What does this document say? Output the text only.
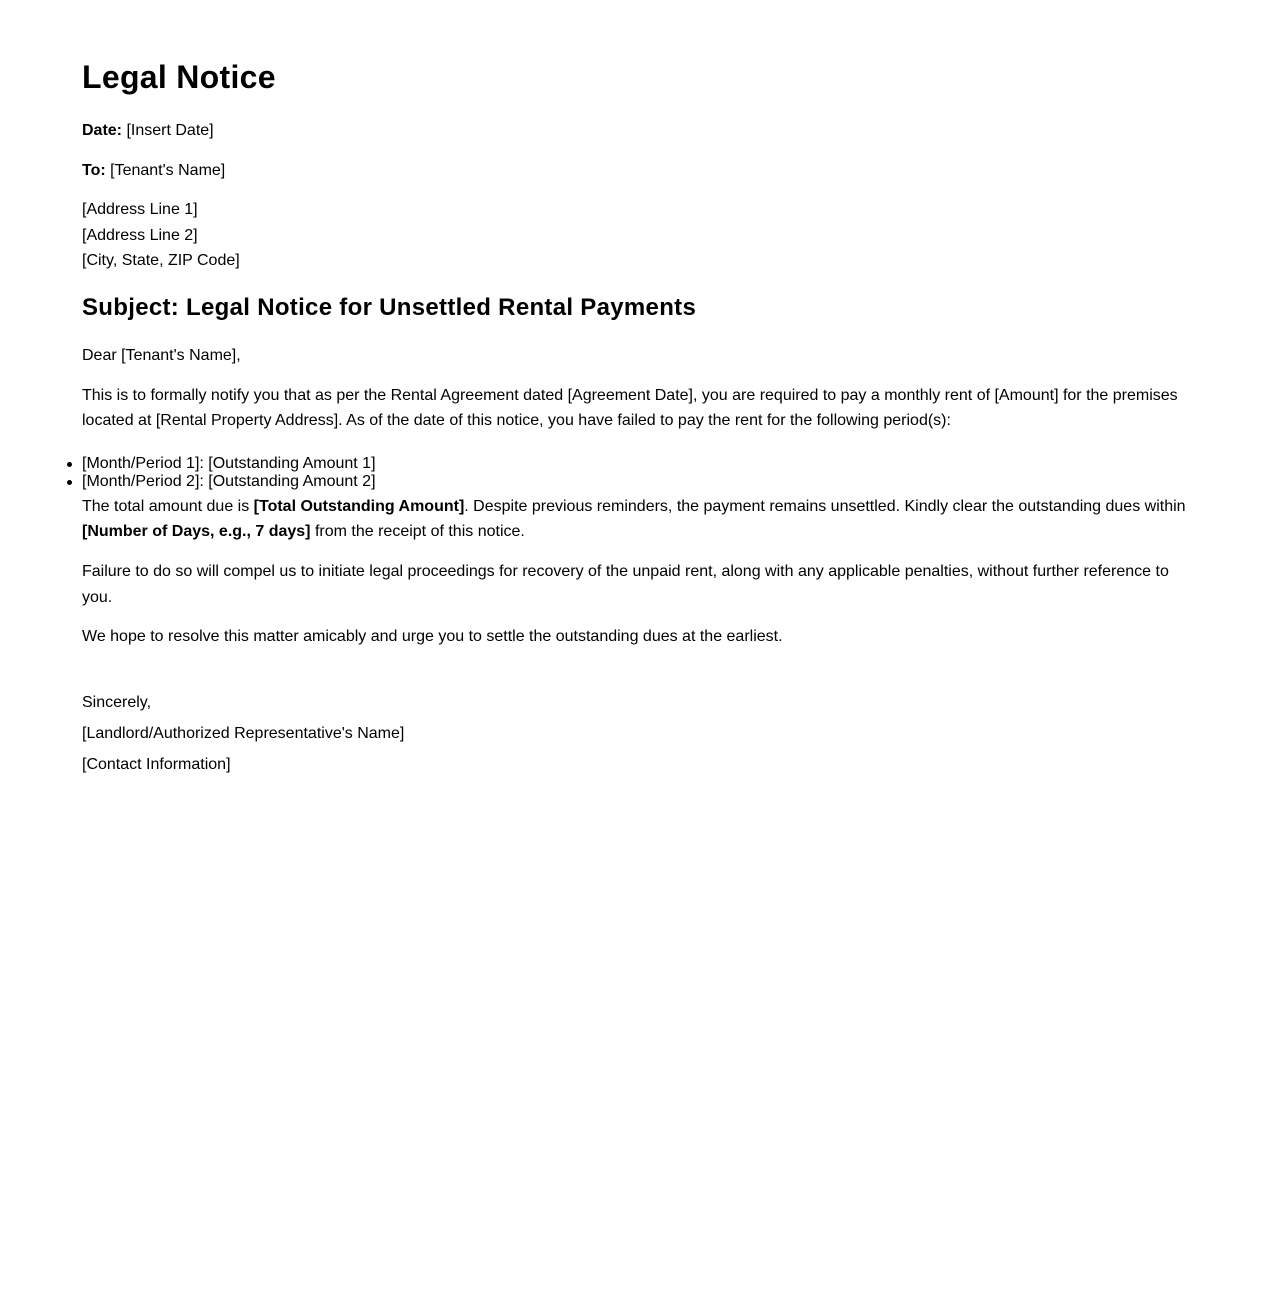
Legal Notice

Date: [Insert Date]

To: [Tenant's Name]

[Address Line 1]
[Address Line 2]
[City, State, ZIP Code]

Subject: Legal Notice for Unsettled Rental Payments

Dear [Tenant's Name],

This is to formally notify you that as per the Rental Agreement dated [Agreement Date], you are required to pay a monthly rent of [Amount] for the premises located at [Rental Property Address]. As of the date of this notice, you have failed to pay the rent for the following period(s):

[Month/Period 1]: [Outstanding Amount 1]
[Month/Period 2]: [Outstanding Amount 2]

The total amount due is [Total Outstanding Amount]. Despite previous reminders, the payment remains unsettled. Kindly clear the outstanding dues within [Number of Days, e.g., 7 days] from the receipt of this notice.

Failure to do so will compel us to initiate legal proceedings for recovery of the unpaid rent, along with any applicable penalties, without further reference to you.

We hope to resolve this matter amicably and urge you to settle the outstanding dues at the earliest.

Sincerely,

[Landlord/Authorized Representative's Name]

[Contact Information]
